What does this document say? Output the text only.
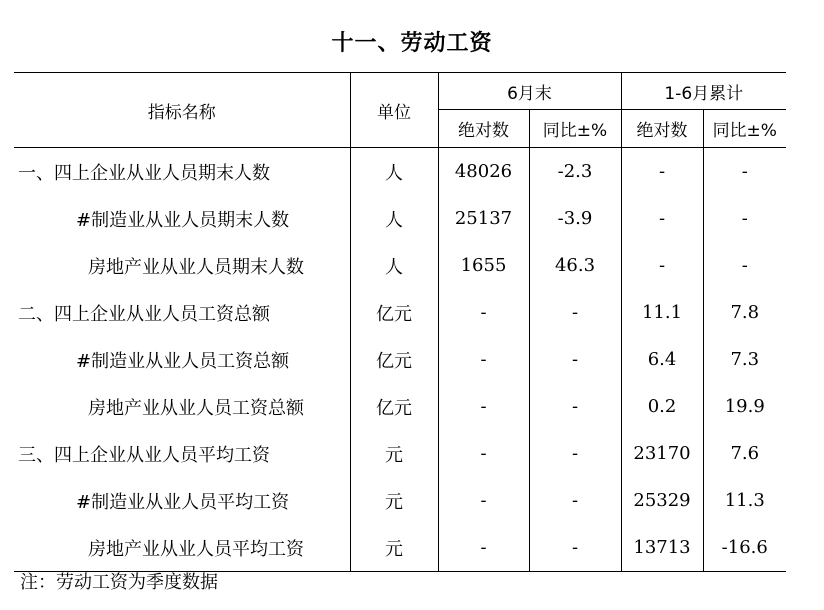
十一、劳动工资
指标名称	单位	6月末		1-6月累计	
		绝对数	同比±%	绝对数	同比±%
一、四上企业从业人员期末人数	人	48026	-2.3	-	-
#制造业从业人员期末人数	人	25137	-3.9	-	-
房地产业从业人员期末人数	人	1655	46.3	-	-
二、四上企业从业人员工资总额	亿元	-	-	11.1	7.8
#制造业从业人员工资总额	亿元	-	-	6.4	7.3
房地产业从业人员工资总额	亿元	-	-	0.2	19.9
三、四上企业从业人员平均工资	元	-	-	23170	7.6
#制造业从业人员平均工资	元	-	-	25329	11.3
房地产业从业人员平均工资	元	-	-	13713	-16.6
注：劳动工资为季度数据
